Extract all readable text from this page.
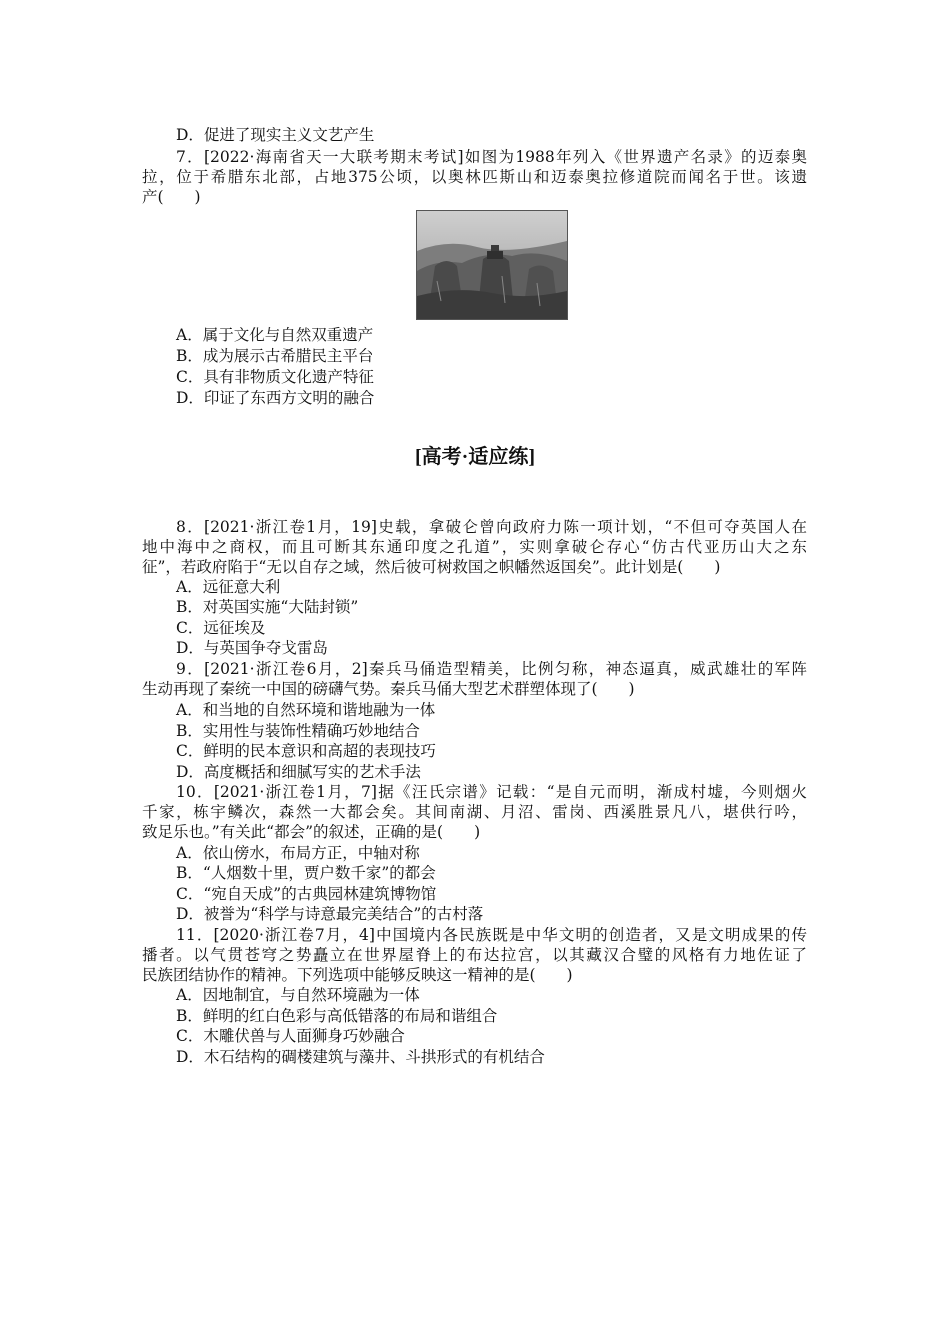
D．促进了现实主义文艺产生
7．[2022·海南省天一大联考期末考试]如图为1988年列入《世界遗产名录》的迈泰奥
拉，位于希腊东北部，占地375公顷，以奥林匹斯山和迈泰奥拉修道院而闻名于世。该遗
产(　　)
A．属于文化与自然双重遗产
B．成为展示古希腊民主平台
C．具有非物质文化遗产特征
D．印证了东西方文明的融合
[高考·适应练]
8．[2021·浙江卷1月，19]史载，拿破仑曾向政府力陈一项计划，“不但可夺英国人在
地中海中之商权，而且可断其东通印度之孔道”，实则拿破仑存心“仿古代亚历山大之东
征”，若政府陷于“无以自存之域，然后彼可树救国之帜幡然返国矣”。此计划是(　　)
A．远征意大利
B．对英国实施“大陆封锁”
C．远征埃及
D．与英国争夺戈雷岛
9．[2021·浙江卷6月，2]秦兵马俑造型精美，比例匀称，神态逼真，威武雄壮的军阵
生动再现了秦统一中国的磅礴气势。秦兵马俑大型艺术群塑体现了(　　)
A．和当地的自然环境和谐地融为一体
B．实用性与装饰性精确巧妙地结合
C．鲜明的民本意识和高超的表现技巧
D．高度概括和细腻写实的艺术手法
10．[2021·浙江卷1月，7]据《汪氏宗谱》记载：“是自元而明，渐成村墟，今则烟火
千家，栋宇鳞次，森然一大都会矣。其间南湖、月沼、雷岗、西溪胜景凡八，堪供行吟，
致足乐也。”有关此“都会”的叙述，正确的是(　　)
A．依山傍水，布局方正，中轴对称
B．“人烟数十里，贾户数千家”的都会
C．“宛自天成”的古典园林建筑博物馆
D．被誉为“科学与诗意最完美结合”的古村落
11．[2020·浙江卷7月，4]中国境内各民族既是中华文明的创造者，又是文明成果的传
播者。以气贯苍穹之势矗立在世界屋脊上的布达拉宫，以其藏汉合璧的风格有力地佐证了
民族团结协作的精神。下列选项中能够反映这一精神的是(　　)
A．因地制宜，与自然环境融为一体
B．鲜明的红白色彩与高低错落的布局和谐组合
C．木雕伏兽与人面狮身巧妙融合
D．木石结构的碉楼建筑与藻井、斗拱形式的有机结合
